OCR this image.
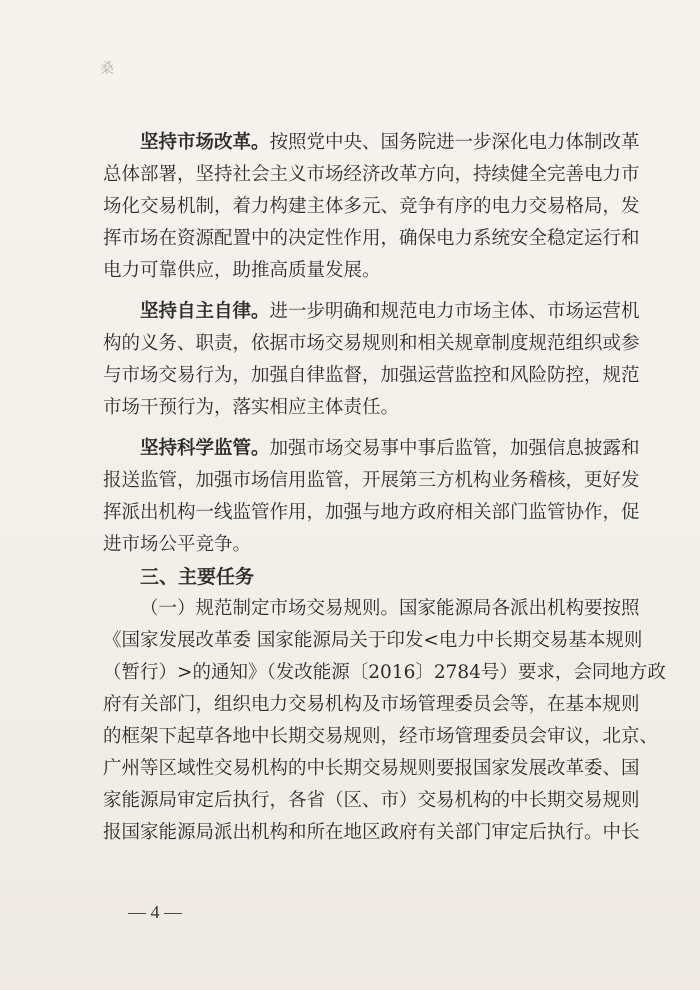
桑
坚持市场改革。按照党中央、国务院进一步深化电力体制改革
总体部署，坚持社会主义市场经济改革方向，持续健全完善电力市
场化交易机制，着力构建主体多元、竞争有序的电力交易格局，发
挥市场在资源配置中的决定性作用，确保电力系统安全稳定运行和
电力可靠供应，助推高质量发展。
坚持自主自律。进一步明确和规范电力市场主体、市场运营机
构的义务、职责，依据市场交易规则和相关规章制度规范组织或参
与市场交易行为，加强自律监督，加强运营监控和风险防控，规范
市场干预行为，落实相应主体责任。
坚持科学监管。加强市场交易事中事后监管，加强信息披露和
报送监管，加强市场信用监管，开展第三方机构业务稽核，更好发
挥派出机构一线监管作用，加强与地方政府相关部门监管协作，促
进市场公平竞争。
三、主要任务
（一）规范制定市场交易规则。国家能源局各派出机构要按照
《国家发展改革委 国家能源局关于印发<电力中长期交易基本规则
（暂行）>的通知》（发改能源〔2016〕2784号）要求，会同地方政
府有关部门，组织电力交易机构及市场管理委员会等，在基本规则
的框架下起草各地中长期交易规则，经市场管理委员会审议，北京、
广州等区域性交易机构的中长期交易规则要报国家发展改革委、国
家能源局审定后执行，各省（区、市）交易机构的中长期交易规则
报国家能源局派出机构和所在地区政府有关部门审定后执行。中长
— 4 —
